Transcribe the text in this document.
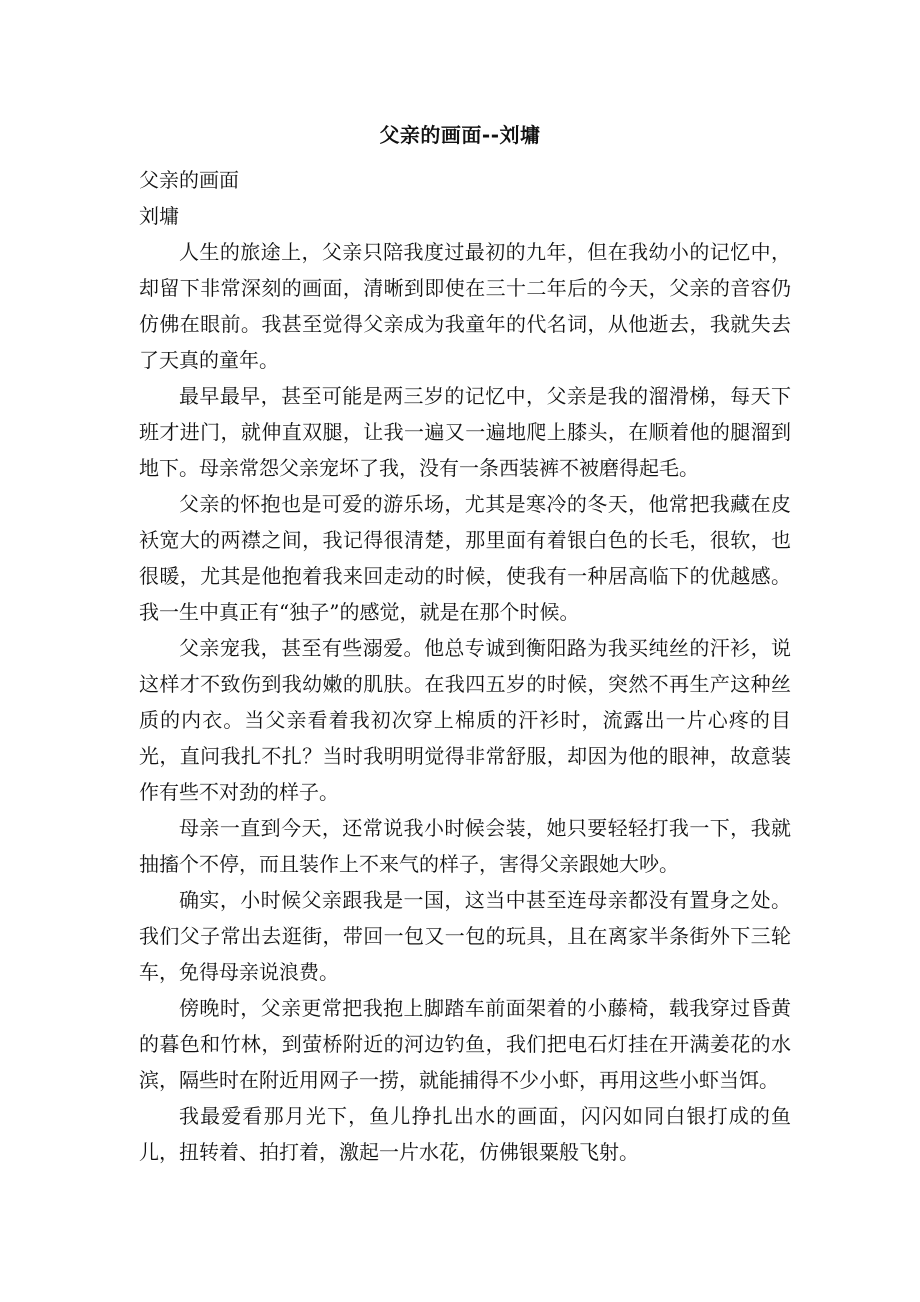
父亲的画面--刘墉

父亲的画面

刘墉

人生的旅途上，父亲只陪我度过最初的九年，但在我幼小的记忆中，却留下非常深刻的画面，清晰到即使在三十二年后的今天，父亲的音容仍仿佛在眼前。我甚至觉得父亲成为我童年的代名词，从他逝去，我就失去了天真的童年。

最早最早，甚至可能是两三岁的记忆中，父亲是我的溜滑梯，每天下班才进门，就伸直双腿，让我一遍又一遍地爬上膝头，在顺着他的腿溜到地下。母亲常怨父亲宠坏了我，没有一条西装裤不被磨得起毛。

父亲的怀抱也是可爱的游乐场，尤其是寒冷的冬天，他常把我藏在皮袄宽大的两襟之间，我记得很清楚，那里面有着银白色的长毛，很软，也很暖，尤其是他抱着我来回走动的时候，使我有一种居高临下的优越感。我一生中真正有“独子”的感觉，就是在那个时候。

父亲宠我，甚至有些溺爱。他总专诚到衡阳路为我买纯丝的汗衫，说这样才不致伤到我幼嫩的肌肤。在我四五岁的时候，突然不再生产这种丝质的内衣。当父亲看着我初次穿上棉质的汗衫时，流露出一片心疼的目光，直问我扎不扎？当时我明明觉得非常舒服，却因为他的眼神，故意装作有些不对劲的样子。

母亲一直到今天，还常说我小时候会装，她只要轻轻打我一下，我就抽搐个不停，而且装作上不来气的样子，害得父亲跟她大吵。

确实，小时候父亲跟我是一国，这当中甚至连母亲都没有置身之处。我们父子常出去逛街，带回一包又一包的玩具，且在离家半条街外下三轮车，免得母亲说浪费。

傍晚时，父亲更常把我抱上脚踏车前面架着的小藤椅，载我穿过昏黄的暮色和竹林，到萤桥附近的河边钓鱼，我们把电石灯挂在开满姜花的水滨，隔些时在附近用网子一捞，就能捕得不少小虾，再用这些小虾当饵。

我最爱看那月光下，鱼儿挣扎出水的画面，闪闪如同白银打成的鱼儿，扭转着、拍打着，激起一片水花，仿佛银粟般飞射。
